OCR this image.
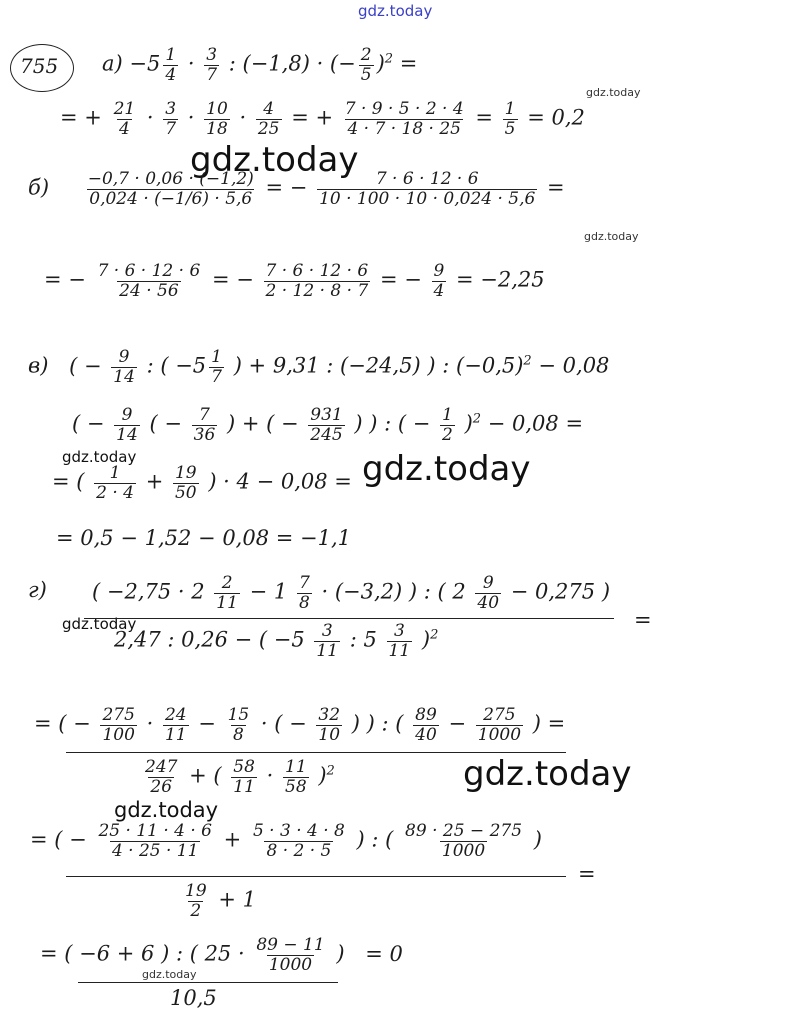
gdz.today
gdz.today
gdz.today
gdz.today
gdz.today	gdz.today
gdz.today
gdz.today
gdz.today
gdz.today
755 $а) -5 \frac{1}{4} \cdot \frac{3}{7}$ : (−1,8) · (− $\frac{2}{5} )^2$ =
= + $\frac{21}{4} \cdot \frac{3}{7} \cdot \frac{10}{18} \cdot \frac{4}{25}$ = + $\frac{7 \cdot 9 \cdot 5 \cdot 2 \cdot 4}{4 \cdot 7 \cdot 18 \cdot 25} = \frac{1}{5} = 0,2$
$б) \frac{-0,7 \cdot 0,06 \cdot (-1,2)}{0,024 \cdot (-1/6) \cdot 5,6}$ = − $\frac{7 \cdot 6 \cdot 12 \cdot 6}{10 \cdot 100 \cdot 10 \cdot 0,024 \cdot 5,6}$ =
= − $\frac{7 \cdot 6 \cdot 12 \cdot 6}{24 \cdot 56}$ = − $\frac{7 \cdot 6 \cdot 12 \cdot 6}{2 \cdot 12 \cdot 8 \cdot 7}$ = − $\frac{9}{4} = -2,25$
в) ( − $\frac{9}{14}$ : ( $-5 \frac{1}{7}$ ) + 9,31 : (−24,5) ) : $(-0,5)^2 - 0,08$
( − $\frac{9}{14}$ ( − $\frac{7}{36}$ ) + ( − $\frac{931}{245}$ ) ) : ( − $\frac{1}{2} )^2 - 0,08$ =
= ( $\frac{1}{2 \cdot 4} + \frac{19}{50}$ ) · 4 − 0,08 =
= 0,5 − 1,52 − 0,08 = −1,1
г) ( $-2,75 \cdot 2 \frac{2}{11} - 1 \frac{7}{8} \cdot (-3,2)$ ) : ( $2 \frac{9}{40} - 0,275$ )
2,47 : 0,26 − ( $-5 \frac{3}{11}$ : $5 \frac{3}{11} )^2$
=
= ( − $\frac{275}{100} \cdot \frac{24}{11} - \frac{15}{8}$ · ( − $\frac{32}{10}$ ) ) : ( $\frac{89}{40} - \frac{275}{1000}$ ) =
$\frac{247}{26}$ + ( $\frac{58}{11} \cdot \frac{11}{58} )^2$
= ( − $\frac{25 \cdot 11 \cdot 4 \cdot 6}{4 \cdot 25 \cdot 11} + \frac{5 \cdot 3 \cdot 4 \cdot 8}{8 \cdot 2 \cdot 5}$ ) : ( $\frac{89 \cdot 25 - 275}{1000}$ )
=
$\frac{19}{2} + 1$
= ( −6 + 6 ) : ( $25 \cdot \frac{89 - 11}{1000}$ ) = 0
10,5
